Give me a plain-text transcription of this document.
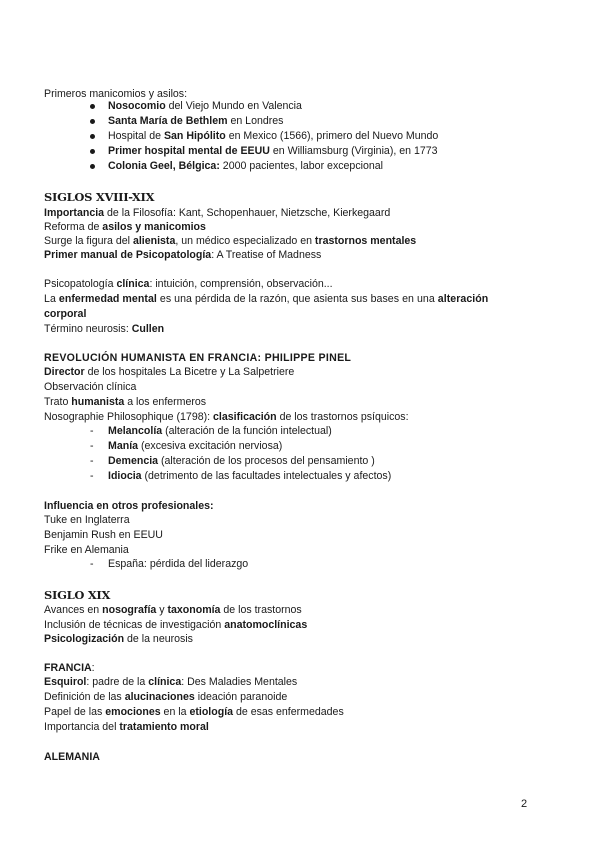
Primeros manicomios y asilos:
Nosocomio del Viejo Mundo en Valencia
Santa María de Bethlem en Londres
Hospital de San Hipólito en Mexico (1566), primero del Nuevo Mundo
Primer hospital mental de EEUU en Williamsburg (Virginia), en 1773
Colonia Geel, Bélgica: 2000 pacientes, labor excepcional
SIGLOS XVIII-XIX
Importancia de la Filosofía: Kant, Schopenhauer, Nietzsche, Kierkegaard
Reforma de asilos y manicomios
Surge la figura del alienista, un médico especializado en trastornos mentales
Primer manual de Psicopatología: A Treatise of Madness
Psicopatología clínica: intuición, comprensión, observación...
La enfermedad mental es una pérdida de la razón, que asienta sus bases en una alteración
corporal
Término neurosis: Cullen
REVOLUCIÓN HUMANISTA EN FRANCIA: PHILIPPE PINEL
Director de los hospitales La Bicetre y La Salpetriere
Observación clínica
Trato humanista a los enfermeros
Nosographie Philosophique (1798): clasificación de los trastornos psíquicos:
- Melancolía (alteración de la función intelectual)
- Manía (excesiva excitación nerviosa)
- Demencia (alteración de los procesos del pensamiento )
- Idiocia (detrimento de las facultades intelectuales y afectos)
Influencia en otros profesionales:
Tuke en Inglaterra
Benjamin Rush en EEUU
Frike en Alemania
- España: pérdida del liderazgo
SIGLO XIX
Avances en nosografía y taxonomía de los trastornos
Inclusión de técnicas de investigación anatomoclínicas
Psicologización de la neurosis
FRANCIA:
Esquirol: padre de la clínica: Des Maladies Mentales
Definición de las alucinaciones ideación paranoide
Papel de las emociones en la etiología de esas enfermedades
Importancia del tratamiento moral
ALEMANIA
2
